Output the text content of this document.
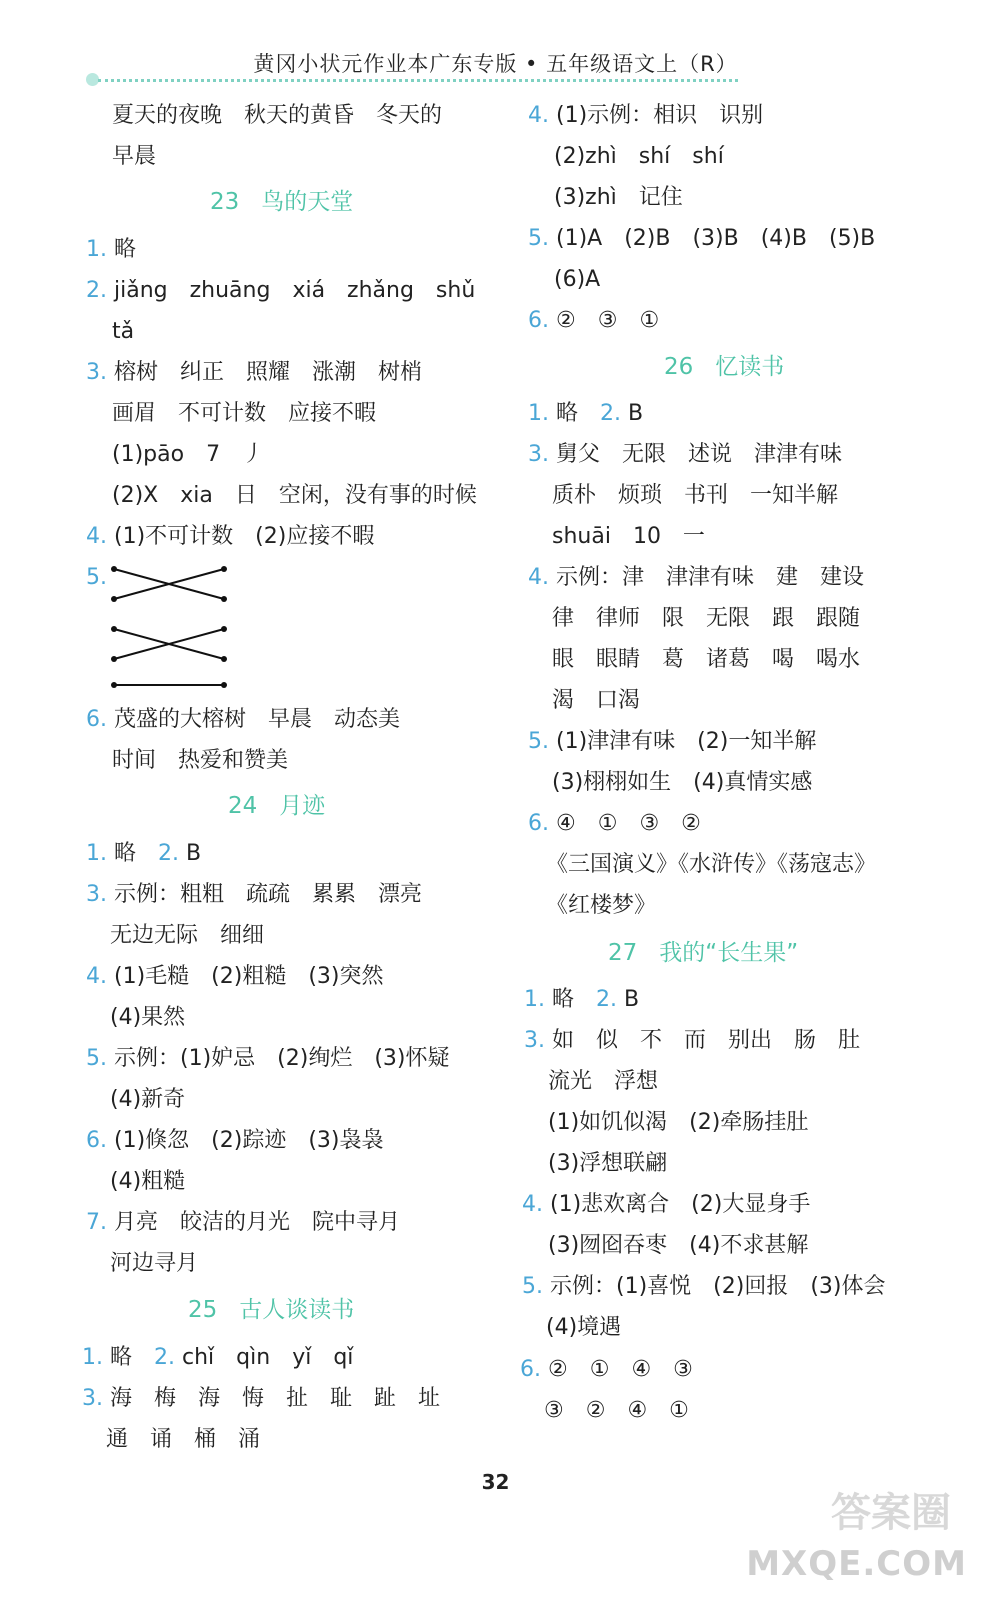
黄冈小状元作业本广东专版 • 五年级语文上（R）
夏天的夜晚　秋天的黄昏　冬天的
早晨
23 鸟的天堂
1. 略
2. jiǎng　zhuāng　xiá　zhǎng　shǔ
tǎ
3. 榕树　纠正　照耀　涨潮　树梢
画眉　不可计数　应接不暇
(1)pāo　7　丿
(2)X　xia　日　空闲，没有事的时候
4. (1)不可计数　(2)应接不暇
5.
6. 茂盛的大榕树　早晨　动态美
时间　热爱和赞美
24 月迹
1. 略　2. B
3. 示例：粗粗　疏疏　累累　漂亮
无边无际　细细
4. (1)毛糙　(2)粗糙　(3)突然
(4)果然
5. 示例：(1)妒忌　(2)绚烂　(3)怀疑
(4)新奇
6. (1)倏忽　(2)踪迹　(3)袅袅
(4)粗糙
7. 月亮　皎洁的月光　院中寻月
河边寻月
25 古人谈读书
1. 略　2. chǐ　qìn　yǐ　qǐ
3. 海　梅　海　悔　扯　耻　趾　址
通　诵　桶　涌
4. (1)示例：相识　识别
(2)zhì　shí　shí
(3)zhì　记住
5. (1)A　(2)B　(3)B　(4)B　(5)B
(6)A
6. ②　③　①
26 忆读书
1. 略　2. B
3. 舅父　无限　述说　津津有味
质朴　烦琐　书刊　一知半解
shuāi　10　一
4. 示例：津　津津有味　建　建设
律　律师　限　无限　跟　跟随
眼　眼睛　葛　诸葛　喝　喝水
渴　口渴
5. (1)津津有味　(2)一知半解
(3)栩栩如生　(4)真情实感
6. ④　①　③　②
《三国演义》《水浒传》《荡寇志》
《红楼梦》
27 我的“长生果”
1. 略　2. B
3. 如　似　不　而　别出　肠　肚
流光　浮想
(1)如饥似渴　(2)牵肠挂肚
(3)浮想联翩
4. (1)悲欢离合　(2)大显身手
(3)囫囵吞枣　(4)不求甚解
5. 示例：(1)喜悦　(2)回报　(3)体会
(4)境遇
6. ②　①　④　③
③　②　④　①
32
答案圈
MXQE.COM
